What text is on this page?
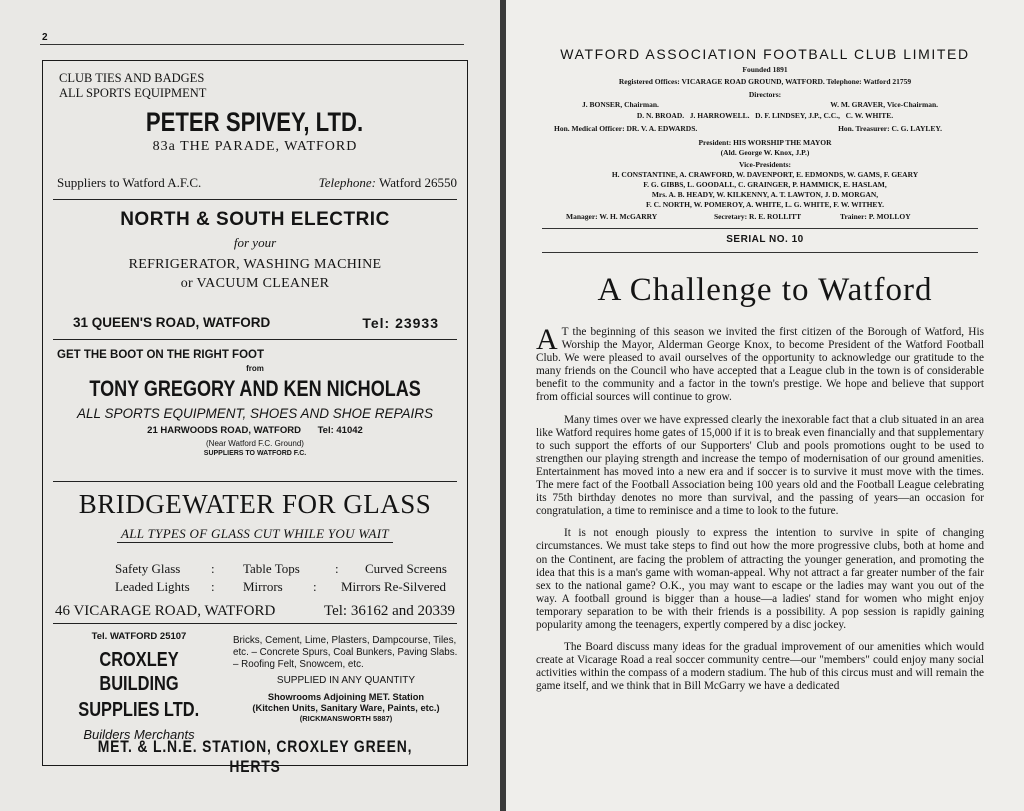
2
CLUB TIES AND BADGES
ALL SPORTS EQUIPMENT
PETER SPIVEY, LTD.
83a THE PARADE, WATFORD
Suppliers to Watford A.F.C.	Telephone: Watford 26550
NORTH & SOUTH ELECTRIC
for your
REFRIGERATOR, WASHING MACHINE
or VACUUM CLEANER
31 QUEEN'S ROAD, WATFORD	Tel: 23933
GET THE BOOT ON THE RIGHT FOOT
from
TONY GREGORY AND KEN NICHOLAS
ALL SPORTS EQUIPMENT, SHOES AND SHOE REPAIRS
21 HARWOODS ROAD, WATFORD Tel: 41042
(Near Watford F.C. Ground)
SUPPLIERS TO WATFORD F.C.
BRIDGEWATER FOR GLASS
ALL TYPES OF GLASS CUT WHILE YOU WAIT
Safety Glass : Table Tops	: Curved Screens
Leaded Lights : Mirrors : Mirrors Re-Silvered
46 VICARAGE ROAD, WATFORD	Tel: 36162 and 20339
Tel. WATFORD 25107
CROXLEY BUILDING
SUPPLIES LTD.
Builders Merchants
Bricks, Cement, Lime, Plasters, Dampcourse, Tiles, etc. – Concrete Spurs, Coal Bunkers, Paving Slabs. – Roofing Felt, Snowcem, etc.
SUPPLIED IN ANY QUANTITY
Showrooms Adjoining MET. Station
(Kitchen Units, Sanitary Ware, Paints, etc.)
(RICKMANSWORTH 5887)
MET. & L.N.E. STATION, CROXLEY GREEN, HERTS
WATFORD ASSOCIATION FOOTBALL CLUB LIMITED
Founded 1891
Registered Offices: VICARAGE ROAD GROUND, WATFORD. Telephone: Watford 21759
Directors:
J. BONSER, Chairman.	W. M. GRAVER, Vice-Chairman.
D. N. BROAD.   J. HARROWELL.   D. F. LINDSEY, J.P., C.C.,   C. W. WHITE.
Hon. Medical Officer: DR. V. A. EDWARDS.	Hon. Treasurer: C. G. LAYLEY.
President: HIS WORSHIP THE MAYOR
(Ald. George W. Knox, J.P.)
Vice-Presidents:
H. CONSTANTINE, A. CRAWFORD, W. DAVENPORT, E. EDMONDS, W. GAMS, F. GEARY
F. G. GIBBS, L. GOODALL, C. GRAINGER, P. HAMMICK, E. HASLAM,
Mrs. A. B. HEADY, W. KILKENNY, A. T. LAWTON, J. D. MORGAN,
F. C. NORTH, W. POMEROY, A. WHITE, L. G. WHITE, F. W. WITHEY.
Manager: W. H. McGARRY	Secretary: R. E. ROLLITT	Trainer: P. MOLLOY
SERIAL NO. 10
A Challenge to Watford

A T the beginning of this season we invited the first citizen of the Borough of Watford, His Worship the Mayor, Alderman George Knox, to become President of the Watford Football Club. We were pleased to avail ourselves of the opportunity to acknowledge our gratitude to the many friends on the Council who have accepted that a League club in the town is of considerable benefit to the community and a factor in the town's prestige. We hope and believe that support from official sources will continue to grow.

Many times over we have expressed clearly the inexorable fact that a club situated in an area like Watford requires home gates of 15,000 if it is to break even financially and that supplementary to such support the efforts of our Supporters' Club and pools promotions ought to be used to strengthen our playing strength and increase the tempo of modernisation of our ground amenities. Entertainment has moved into a new era and if soccer is to survive it must move with the times. The mere fact of the Football Association being 100 years old and the Football League celebrating its 75th birthday denotes no more than survival, and the passing of years—an occasion for congratulation, a time to reminisce and a time to look to the future.

It is not enough piously to express the intention to survive in spite of changing circumstances. We must take steps to find out how the more progressive clubs, both at home and on the Continent, are facing the problem of attracting the younger generation, and promoting the idea that this is a man's game with woman-appeal. Why not attract a far greater number of the fair sex to the national game? O.K., you may want to escape or the ladies may want you out of the way. A football ground is bigger than a house—a ladies' stand for women who might enjoy temporary separation to be with their friends is a possibility. A pop session is rapidly gaining popularity among the teenagers, expertly compered by a disc jockey.

The Board discuss many ideas for the gradual improvement of our amenities which would create at Vicarage Road a real soccer community centre—our "members" could enjoy many social activities within the compass of a modern stadium. The hub of this circus must and will remain the game itself, and we think that in Bill McGarry we have a dedicated
